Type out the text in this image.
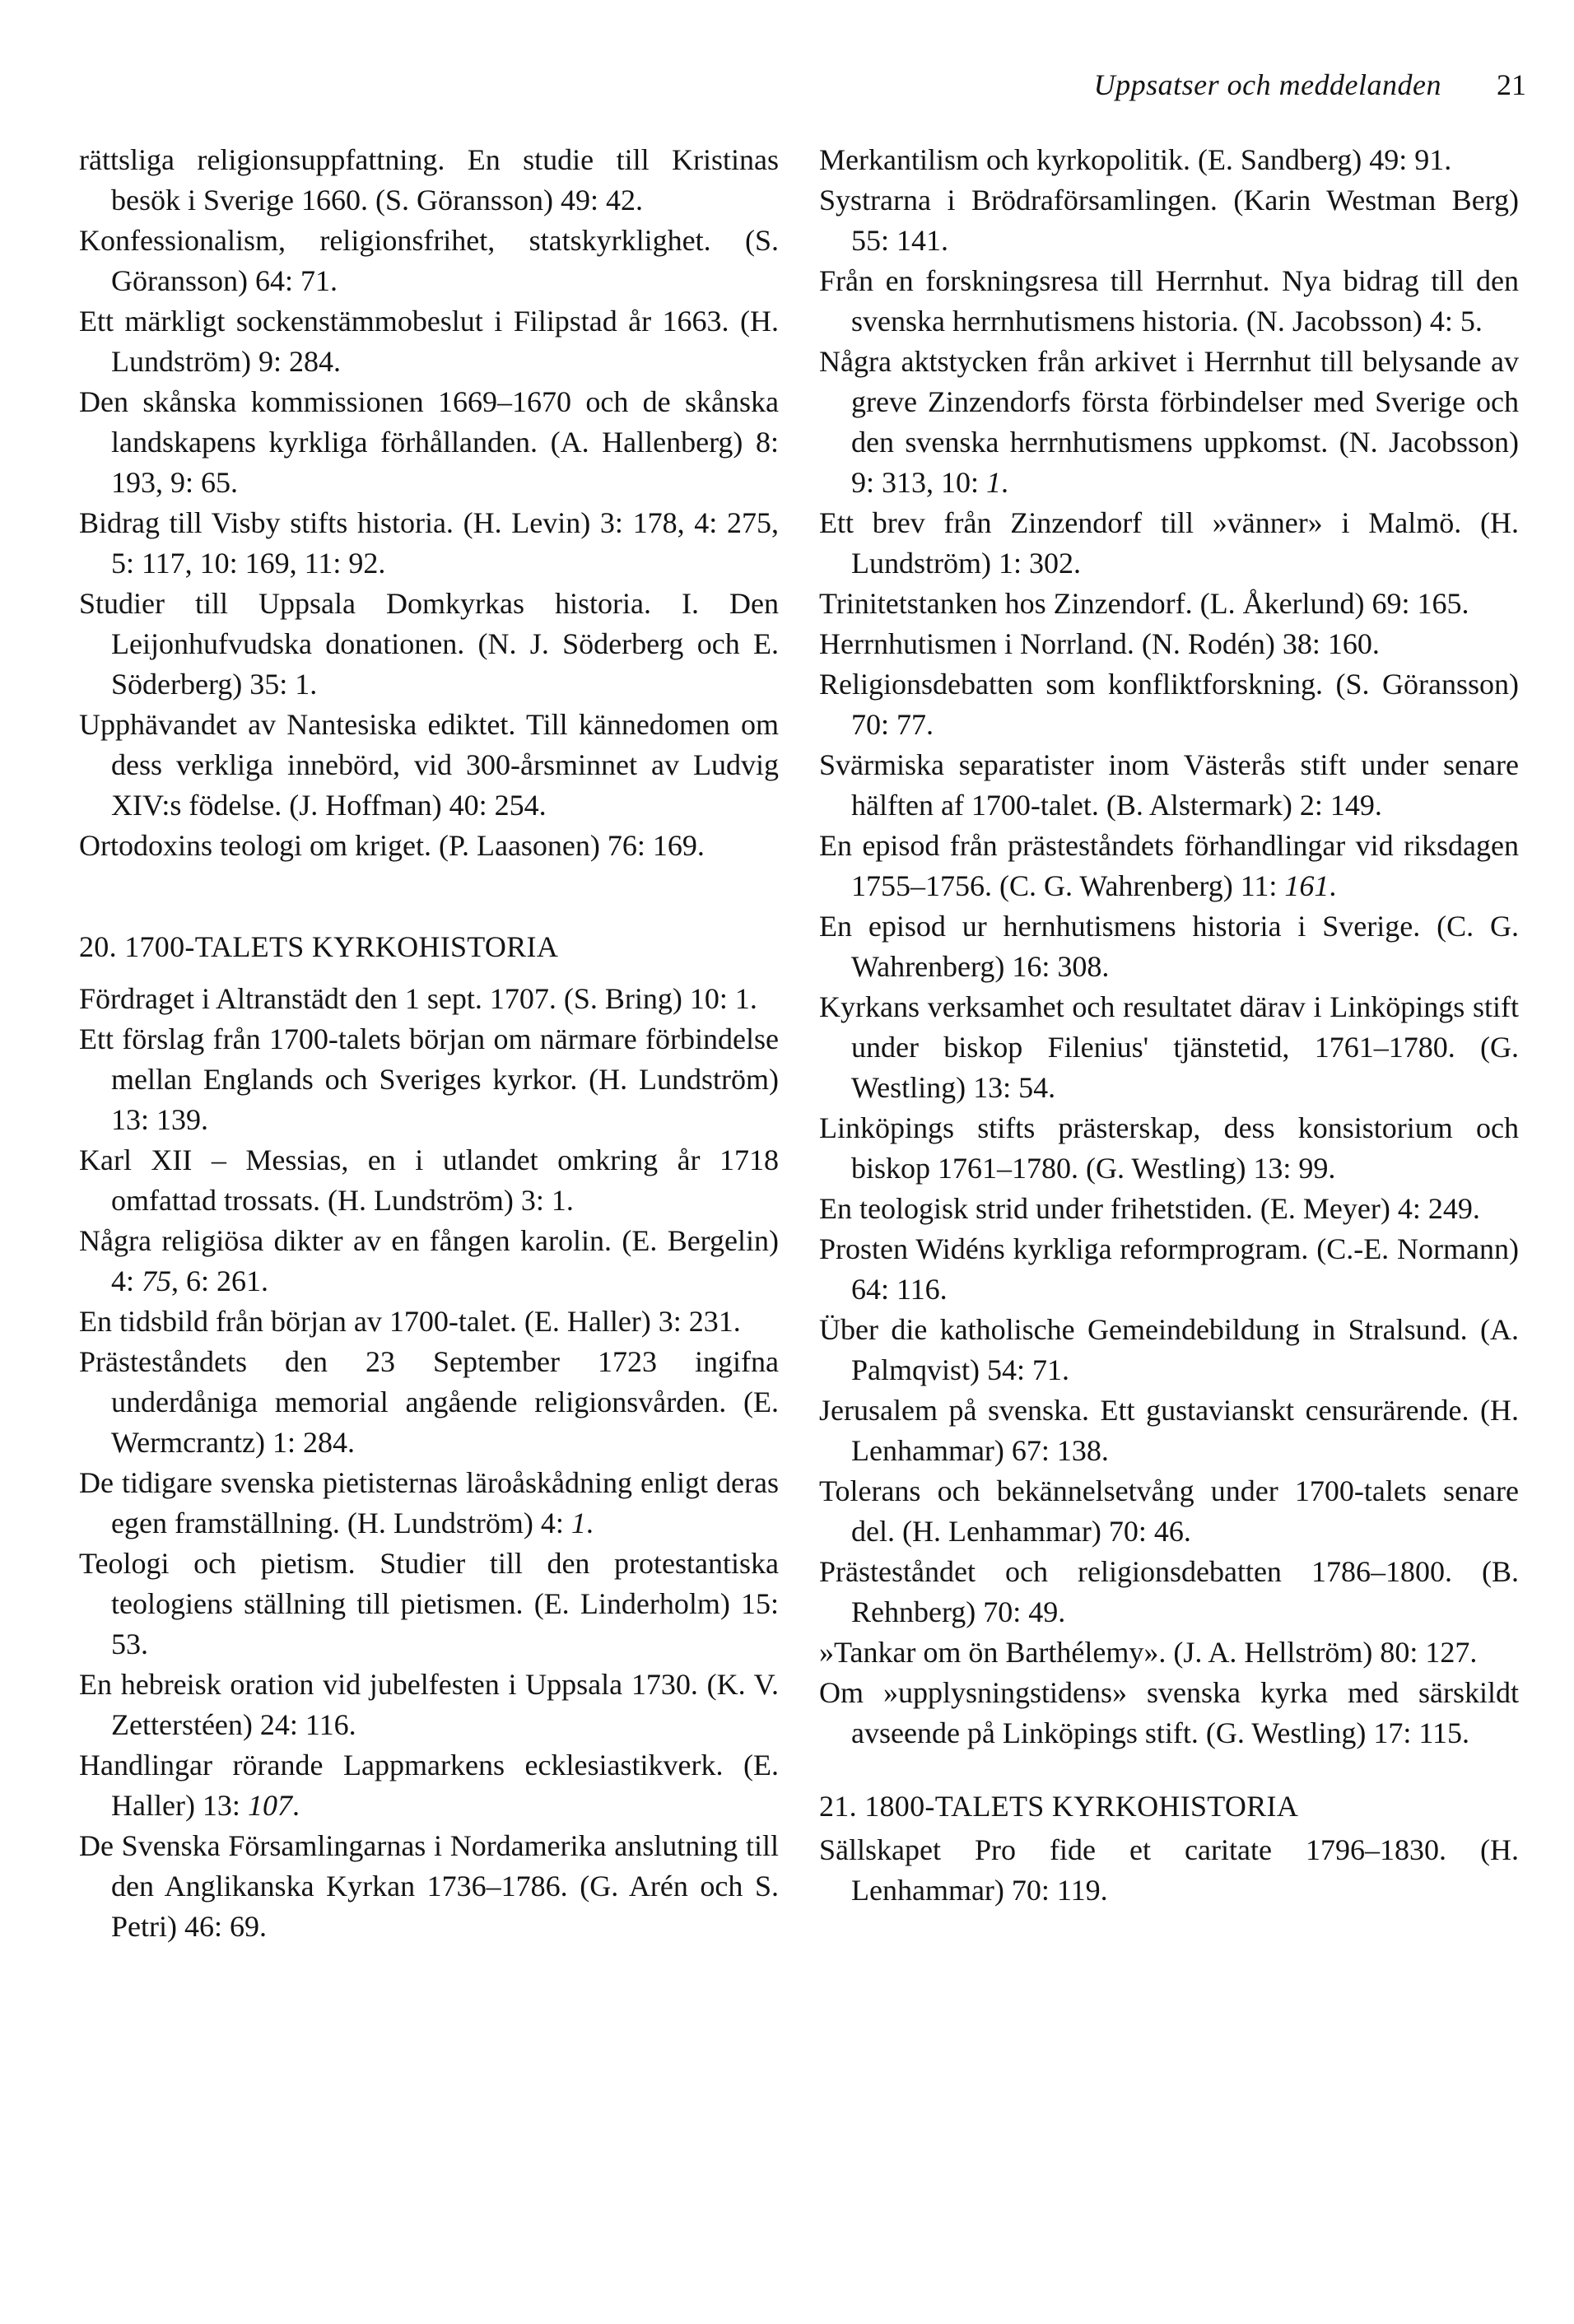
Uppsatser och meddelanden 21

rättsliga religionsuppfattning. En studie till Kristinas besök i Sverige 1660. (S. Göransson) 49: 42.

Konfessionalism, religionsfrihet, statskyrklighet. (S. Göransson) 64: 71.

Ett märkligt sockenstämmobeslut i Filipstad år 1663. (H. Lundström) 9: 284.

Den skånska kommissionen 1669–1670 och de skånska landskapens kyrkliga förhållanden. (A. Hallenberg) 8: 193, 9: 65.

Bidrag till Visby stifts historia. (H. Levin) 3: 178, 4: 275, 5: 117, 10: 169, 11: 92.

Studier till Uppsala Domkyrkas historia. I. Den Leijonhufvudska donationen. (N. J. Söderberg och E. Söderberg) 35: 1.

Upphävandet av Nantesiska ediktet. Till kännedomen om dess verkliga innebörd, vid 300-årsminnet av Ludvig XIV:s födelse. (J. Hoffman) 40: 254.

Ortodoxins teologi om kriget. (P. Laasonen) 76: 169.

20. 1700-TALETS KYRKOHISTORIA

Fördraget i Altranstädt den 1 sept. 1707. (S. Bring) 10: 1.

Ett förslag från 1700-talets början om närmare förbindelse mellan Englands och Sveriges kyrkor. (H. Lundström) 13: 139.

Karl XII – Messias, en i utlandet omkring år 1718 omfattad trossats. (H. Lundström) 3: 1.

Några religiösa dikter av en fången karolin. (E. Bergelin) 4: 75, 6: 261.

En tidsbild från början av 1700-talet. (E. Haller) 3: 231.

Prästeståndets den 23 September 1723 ingifna underdåniga memorial angående religionsvården. (E. Wermcrantz) 1: 284.

De tidigare svenska pietisternas läroåskådning enligt deras egen framställning. (H. Lundström) 4: 1.

Teologi och pietism. Studier till den protestantiska teologiens ställning till pietismen. (E. Linderholm) 15: 53.

En hebreisk oration vid jubelfesten i Uppsala 1730. (K. V. Zetterstéen) 24: 116.

Handlingar rörande Lappmarkens ecklesiastikverk. (E. Haller) 13: 107.

De Svenska Församlingarnas i Nordamerika anslutning till den Anglikanska Kyrkan 1736–1786. (G. Arén och S. Petri) 46: 69.

Merkantilism och kyrkopolitik. (E. Sandberg) 49: 91.

Systrarna i Brödraförsamlingen. (Karin Westman Berg) 55: 141.

Från en forskningsresa till Herrnhut. Nya bidrag till den svenska herrnhutismens historia. (N. Jacobsson) 4: 5.

Några aktstycken från arkivet i Herrnhut till belysande av greve Zinzendorfs första förbindelser med Sverige och den svenska herrnhutismens uppkomst. (N. Jacobsson) 9: 313, 10: 1.

Ett brev från Zinzendorf till »vänner» i Malmö. (H. Lundström) 1: 302.

Trinitetstanken hos Zinzendorf. (L. Åkerlund) 69: 165.

Herrnhutismen i Norrland. (N. Rodén) 38: 160.

Religionsdebatten som konfliktforskning. (S. Göransson) 70: 77.

Svärmiska separatister inom Västerås stift under senare hälften af 1700-talet. (B. Alstermark) 2: 149.

En episod från prästeståndets förhandlingar vid riksdagen 1755–1756. (C. G. Wahrenberg) 11: 161.

En episod ur hernhutismens historia i Sverige. (C. G. Wahrenberg) 16: 308.

Kyrkans verksamhet och resultatet därav i Linköpings stift under biskop Filenius' tjänstetid, 1761–1780. (G. Westling) 13: 54.

Linköpings stifts prästerskap, dess konsistorium och biskop 1761–1780. (G. Westling) 13: 99.

En teologisk strid under frihetstiden. (E. Meyer) 4: 249.

Prosten Widéns kyrkliga reformprogram. (C.-E. Normann) 64: 116.

Über die katholische Gemeindebildung in Stralsund. (A. Palmqvist) 54: 71.

Jerusalem på svenska. Ett gustavianskt censurärende. (H. Lenhammar) 67: 138.

Tolerans och bekännelsetvång under 1700-talets senare del. (H. Lenhammar) 70: 46.

Prästeståndet och religionsdebatten 1786–1800. (B. Rehnberg) 70: 49.

»Tankar om ön Barthélemy». (J. A. Hellström) 80: 127.

Om »upplysningstidens» svenska kyrka med särskildt avseende på Linköpings stift. (G. Westling) 17: 115.

21. 1800-TALETS KYRKOHISTORIA

Sällskapet Pro fide et caritate 1796–1830. (H. Lenhammar) 70: 119.
